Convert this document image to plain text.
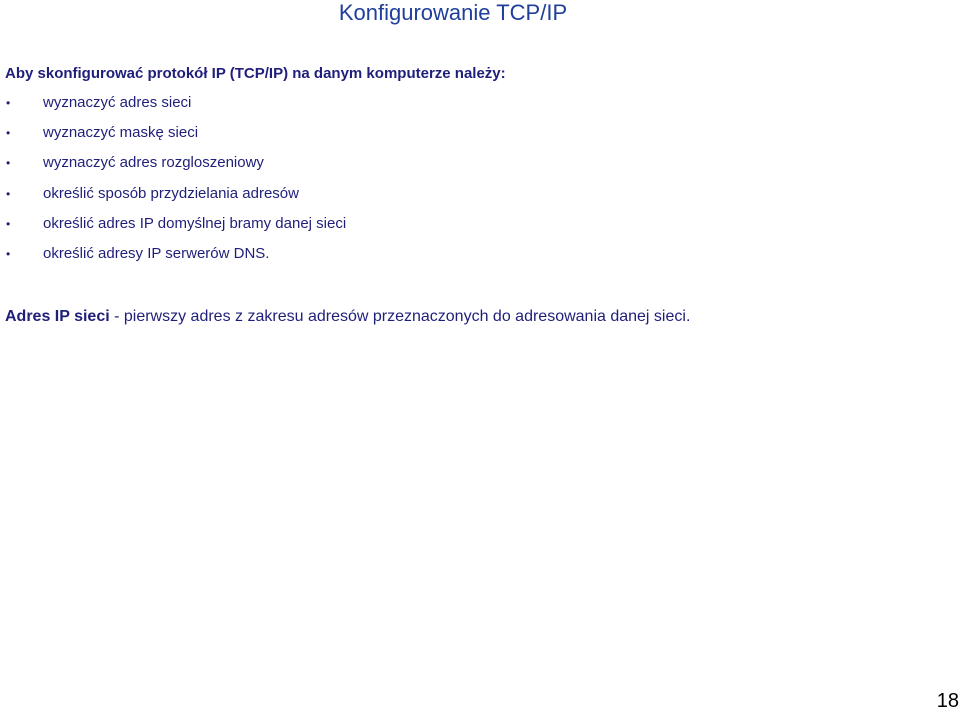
Konfigurowanie TCP/IP
Aby skonfigurować protokół IP (TCP/IP) na danym komputerze należy:
• wyznaczyć adres sieci
• wyznaczyć maskę sieci
• wyznaczyć adres rozgloszeniowy
• określić sposób przydzielania adresów
• określić adres IP domyślnej bramy danej sieci
• określić adresy IP serwerów DNS.
Adres IP sieci - pierwszy adres z zakresu adresów przeznaczonych do adresowania danej sieci.
18
